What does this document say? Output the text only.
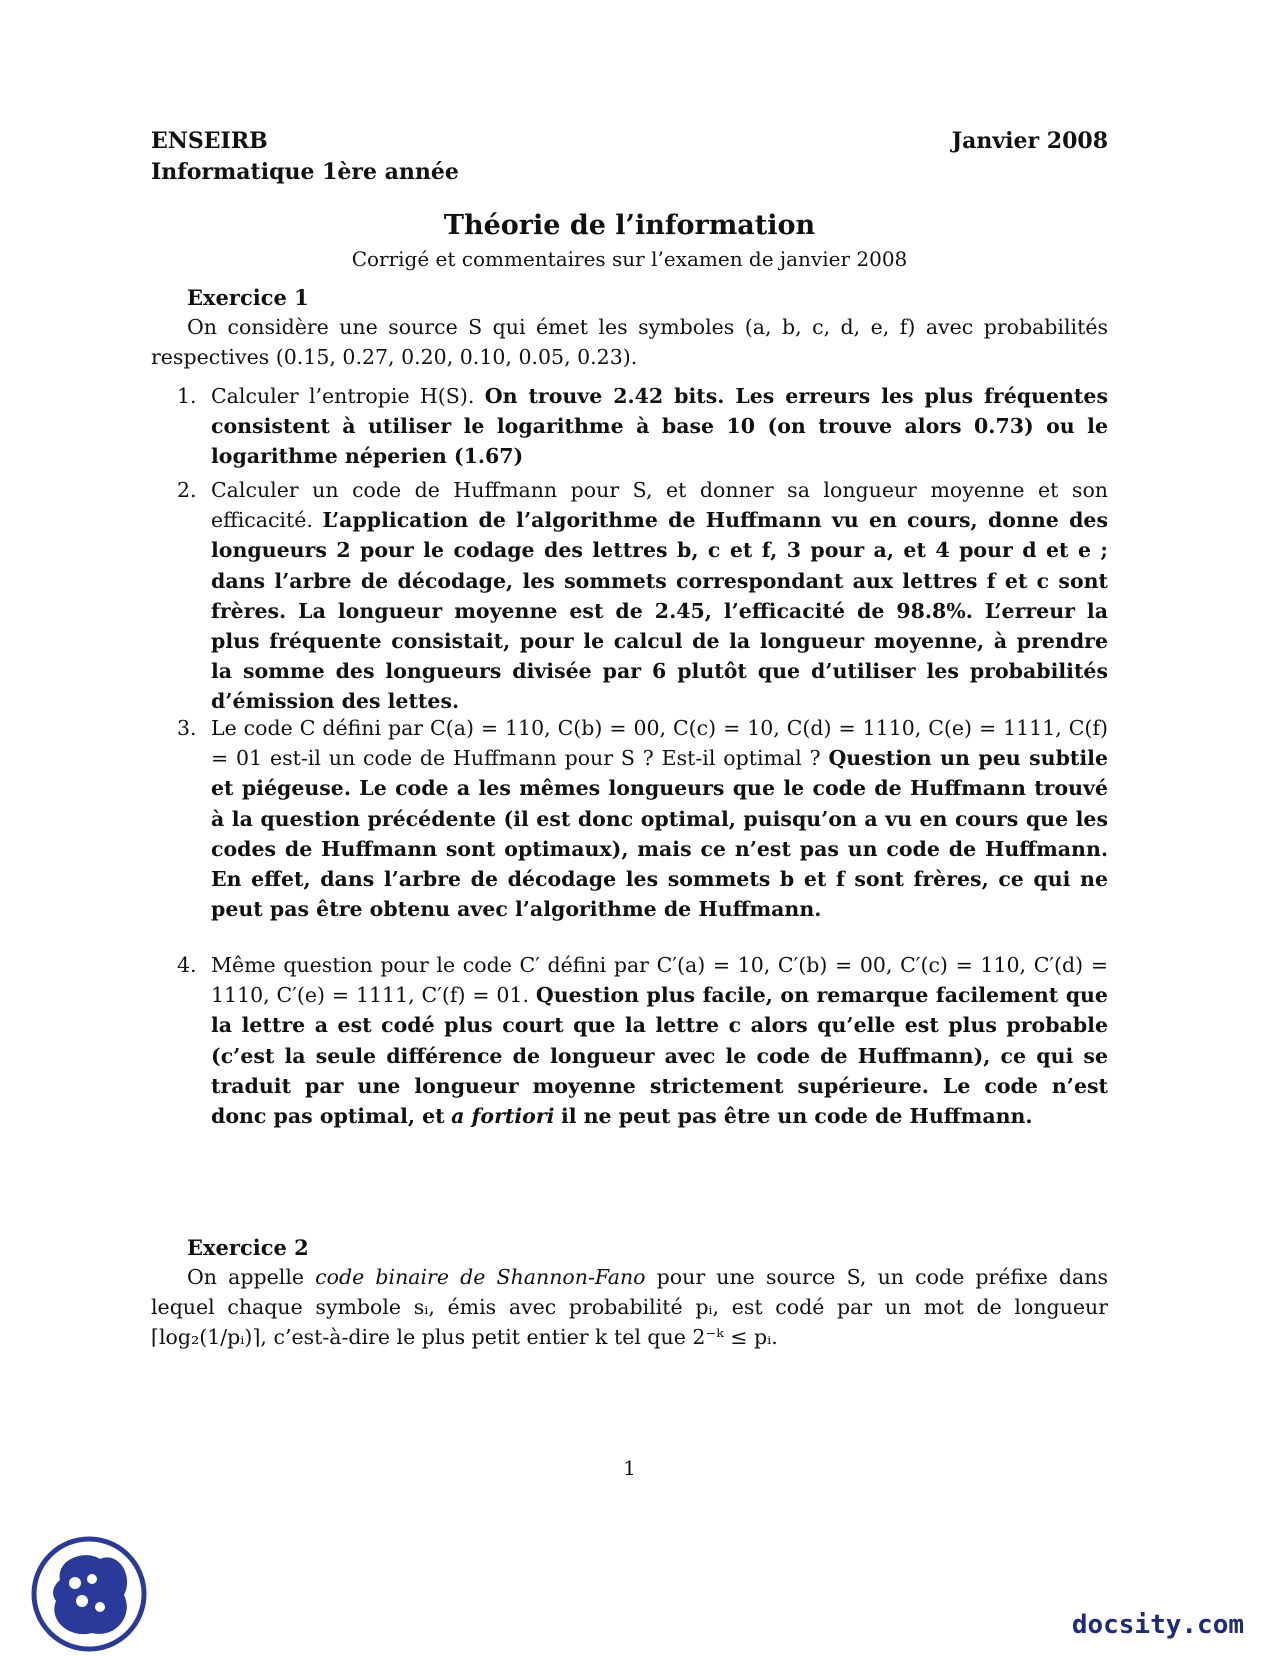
ENSEIRB
Informatique 1ère année
Janvier 2008
Théorie de l’information
Corrigé et commentaires sur l’examen de janvier 2008
Exercice 1
On considère une source S qui émet les symboles (a, b, c, d, e, f) avec probabilités respectives (0.15, 0.27, 0.20, 0.10, 0.05, 0.23).
1. Calculer l’entropie H(S). On trouve 2.42 bits. Les erreurs les plus fréquentes consistent à utiliser le logarithme à base 10 (on trouve alors 0.73) ou le logarithme néperien (1.67)
2. Calculer un code de Huffmann pour S, et donner sa longueur moyenne et son efficacité. L’application de l’algorithme de Huffmann vu en cours, donne des longueurs 2 pour le codage des lettres b, c et f, 3 pour a, et 4 pour d et e ; dans l’arbre de décodage, les sommets correspondant aux lettres f et c sont frères. La longueur moyenne est de 2.45, l’efficacité de 98.8%. L’erreur la plus fréquente consistait, pour le calcul de la longueur moyenne, à prendre la somme des longueurs divisée par 6 plutôt que d’utiliser les probabilités d’émission des lettes.
3. Le code C défini par C(a) = 110, C(b) = 00, C(c) = 10, C(d) = 1110, C(e) = 1111, C(f) = 01 est-il un code de Huffmann pour S ? Est-il optimal ? Question un peu subtile et piégeuse. Le code a les mêmes longueurs que le code de Huffmann trouvé à la question précédente (il est donc optimal, puisqu’on a vu en cours que les codes de Huffmann sont optimaux), mais ce n’est pas un code de Huffmann. En effet, dans l’arbre de décodage les sommets b et f sont frères, ce qui ne peut pas être obtenu avec l’algorithme de Huffmann.
4. Même question pour le code C′ défini par C′(a) = 10, C′(b) = 00, C′(c) = 110, C′(d) = 1110, C′(e) = 1111, C′(f) = 01. Question plus facile, on remarque facilement que la lettre a est codé plus court que la lettre c alors qu’elle est plus probable (c’est la seule différence de longueur avec le code de Huffmann), ce qui se traduit par une longueur moyenne strictement supérieure. Le code n’est donc pas optimal, et a fortiori il ne peut pas être un code de Huffmann.
Exercice 2
On appelle code binaire de Shannon-Fano pour une source S, un code préfixe dans lequel chaque symbole sᵢ, émis avec probabilité pᵢ, est codé par un mot de longueur ⌈log₂(1/pᵢ)⌉, c’est-à-dire le plus petit entier k tel que 2⁻ᵏ ≤ pᵢ.
1
docsity.com
